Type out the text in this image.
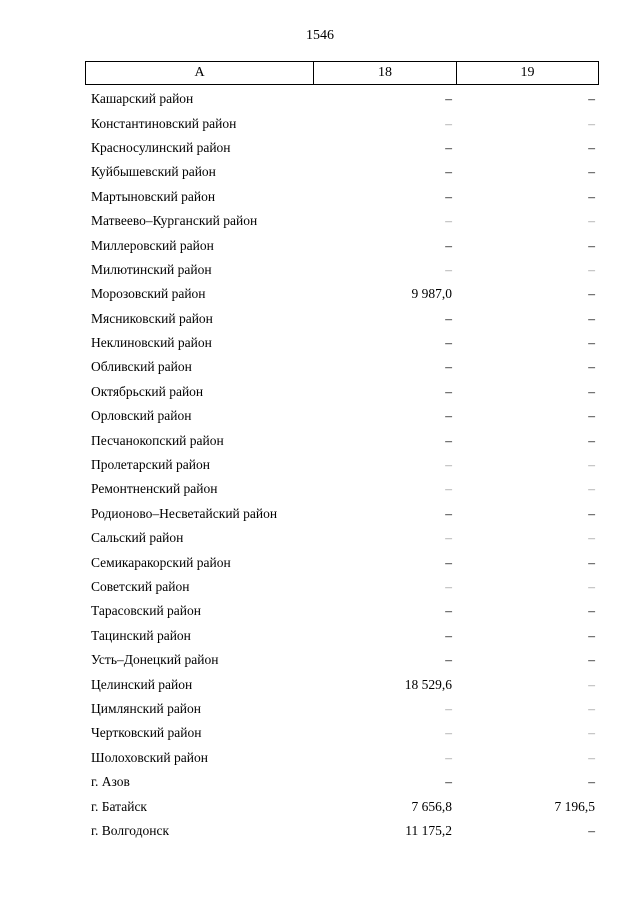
1546
А	18	19
Кашарский район	–	–
Константиновский район	–	–
Красносулинский район	–	–
Куйбышевский район	–	–
Мартыновский район	–	–
Матвеево–Курганский район	–	–
Миллеровский район	–	–
Милютинский район	–	–
Морозовский район	9 987,0	–
Мясниковский район	–	–
Неклиновский район	–	–
Обливский район	–	–
Октябрьский район	–	–
Орловский район	–	–
Песчанокопский район	–	–
Пролетарский район	–	–
Ремонтненский район	–	–
Родионово–Несветайский район	–	–
Сальский район	–	–
Семикаракорский район	–	–
Советский район	–	–
Тарасовский район	–	–
Тацинский район	–	–
Усть–Донецкий район	–	–
Целинский район	18 529,6	–
Цимлянский район	–	–
Чертковский район	–	–
Шолоховский район	–	–
г. Азов	–	–
г. Батайск	7 656,8	7 196,5
г. Волгодонск	11 175,2	–
